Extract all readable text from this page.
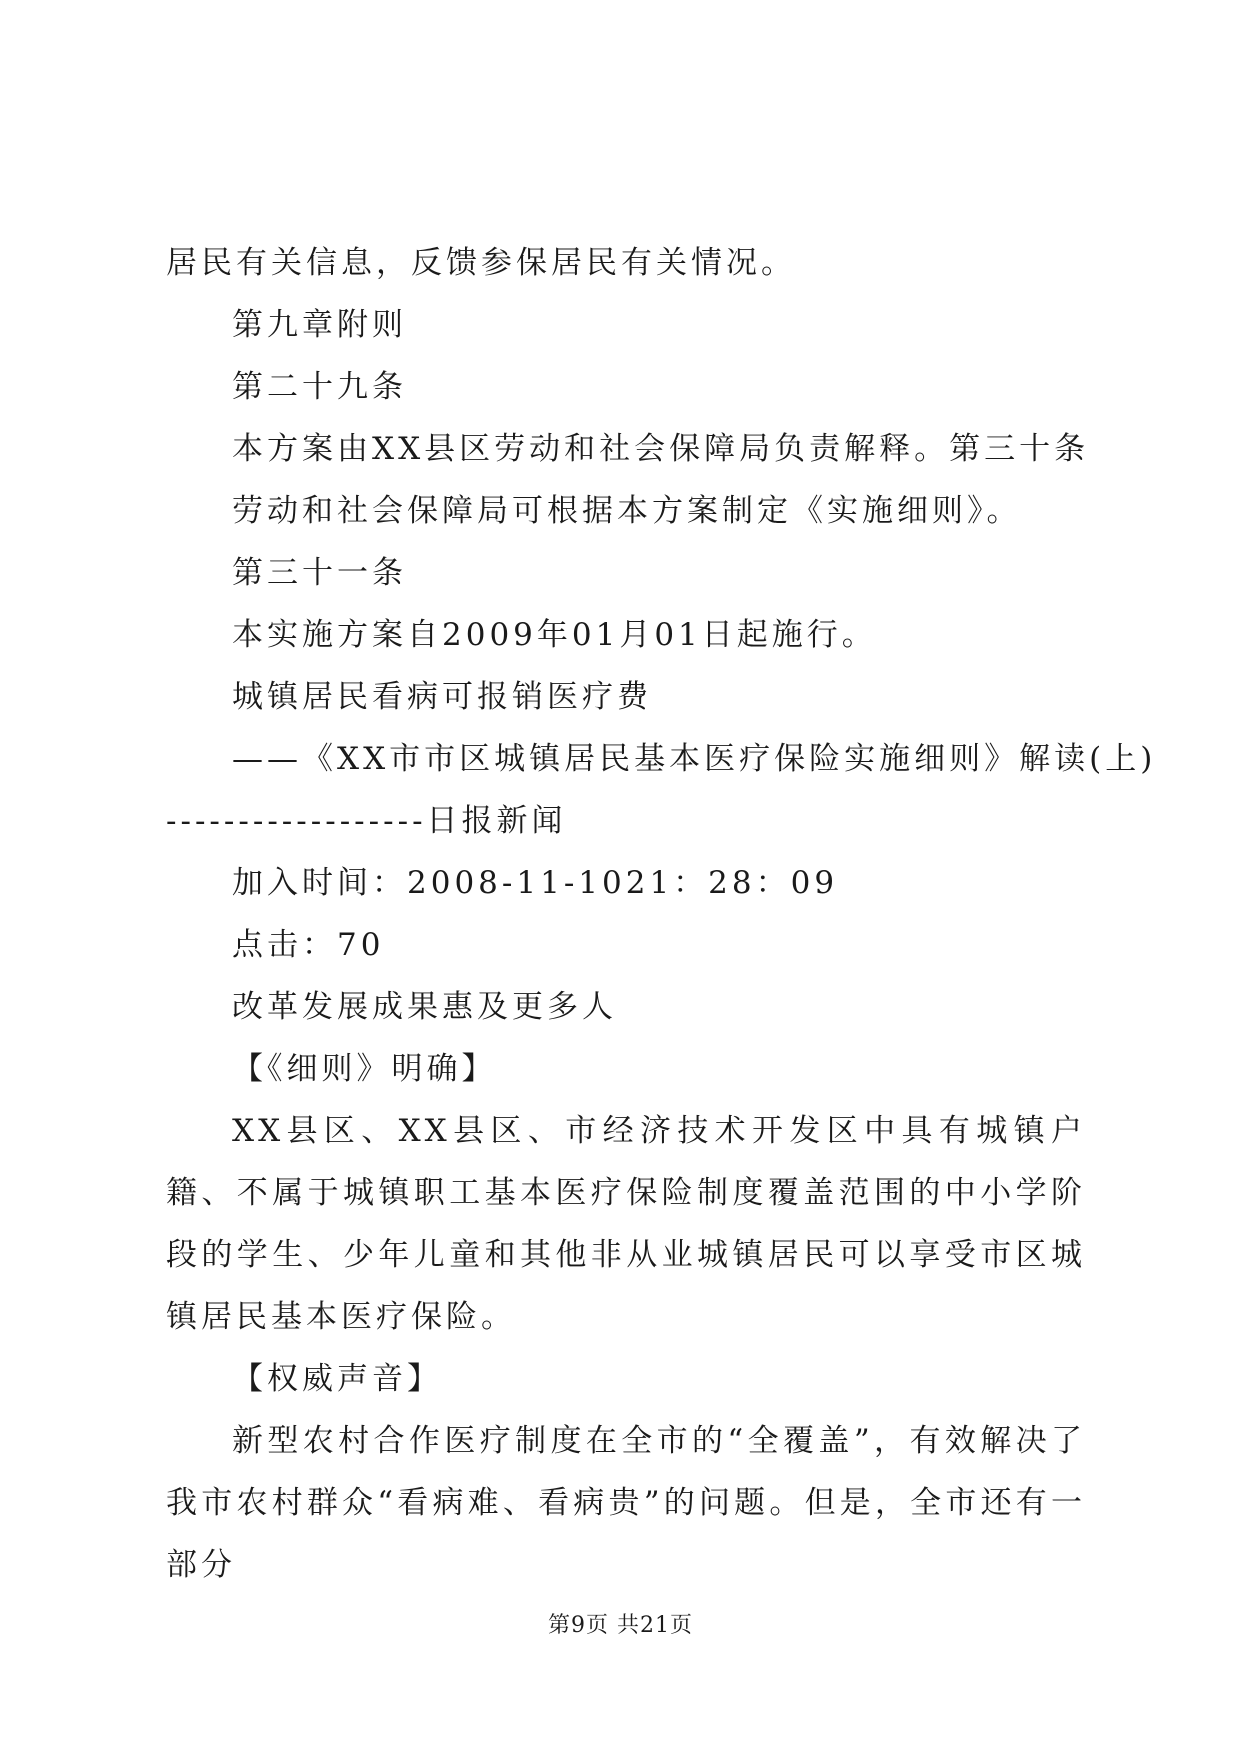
居民有关信息，反馈参保居民有关情况。
第九章附则
第二十九条
本方案由XX县区劳动和社会保障局负责解释。第三十条
劳动和社会保障局可根据本方案制定《实施细则》。
第三十一条
本实施方案自2009年01月01日起施行。
城镇居民看病可报销医疗费
——《XX市市区城镇居民基本医疗保险实施细则》解读(上)
------------------日报新闻
加入时间：2008-11-1021：28：09
点击：70
改革发展成果惠及更多人
【《细则》明确】

XX县区、XX县区、市经济技术开发区中具有城镇户籍、不属于城镇职工基本医疗保险制度覆盖范围的中小学阶段的学生、少年儿童和其他非从业城镇居民可以享受市区城镇居民基本医疗保险。

【权威声音】

新型农村合作医疗制度在全市的“全覆盖”，有效解决了我市农村群众“看病难、看病贵”的问题。但是，全市还有一部分

第9页 共21页
